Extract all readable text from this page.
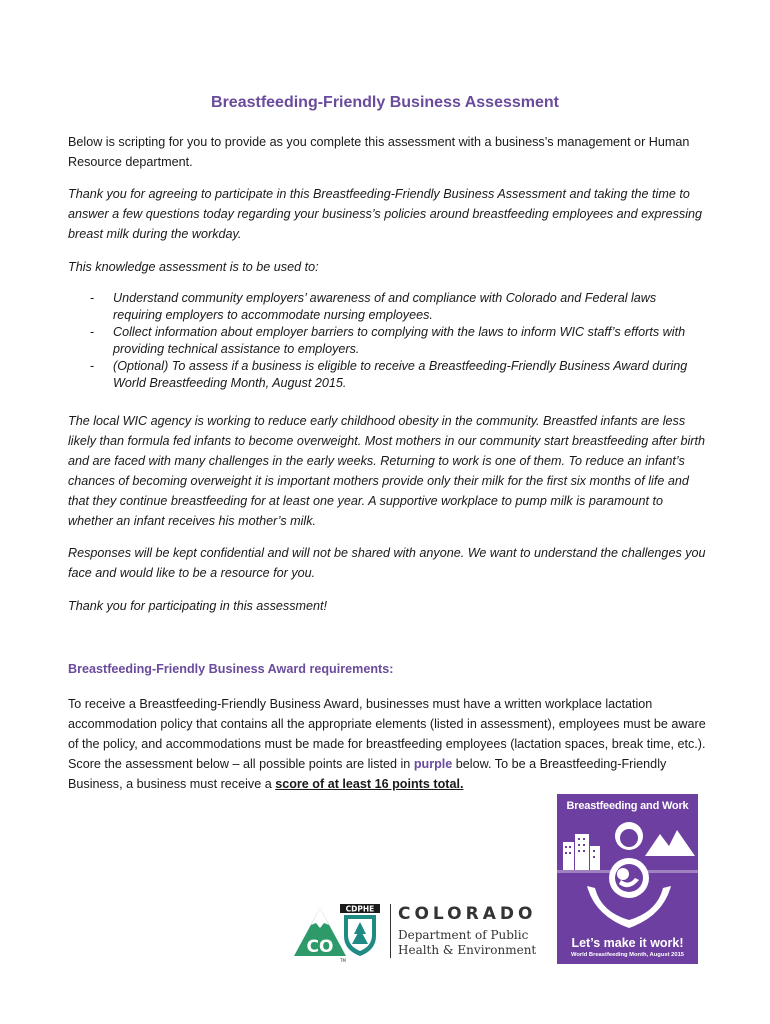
Breastfeeding-Friendly Business Assessment

Below is scripting for you to provide as you complete this assessment with a business’s management or Human Resource department.

Thank you for agreeing to participate in this Breastfeeding-Friendly Business Assessment and taking the time to answer a few questions today regarding your business’s policies around breastfeeding employees and expressing breast milk during the workday.

This knowledge assessment is to be used to:

- Understand community employers’ awareness of and compliance with Colorado and Federal laws requiring employers to accommodate nursing employees.
- Collect information about employer barriers to complying with the laws to inform WIC staff’s efforts with providing technical assistance to employers.
- (Optional) To assess if a business is eligible to receive a Breastfeeding-Friendly Business Award during World Breastfeeding Month, August 2015.

The local WIC agency is working to reduce early childhood obesity in the community. Breastfed infants are less likely than formula fed infants to become overweight. Most mothers in our community start breastfeeding after birth and are faced with many challenges in the early weeks. Returning to work is one of them. To reduce an infant’s chances of becoming overweight it is important mothers provide only their milk for the first six months of life and that they continue breastfeeding for at least one year. A supportive workplace to pump milk is paramount to whether an infant receives his mother’s milk.

Responses will be kept confidential and will not be shared with anyone. We want to understand the challenges you face and would like to be a resource for you.

Thank you for participating in this assessment!

Breastfeeding-Friendly Business Award requirements:

To receive a Breastfeeding-Friendly Business Award, businesses must have a written workplace lactation accommodation policy that contains all the appropriate elements (listed in assessment), employees must be aware of the policy, and accommodations must be made for breastfeeding employees (lactation spaces, break time, etc.). Score the assessment below – all possible points are listed in purple below. To be a Breastfeeding-Friendly Business, a business must receive a score of at least 16 points total.

CO
TM
CDPHE COLORADO
Department of Public
Health & Environment
Breastfeeding and Work
Let’s make it work!
World Breastfeeding Month, August 2015
